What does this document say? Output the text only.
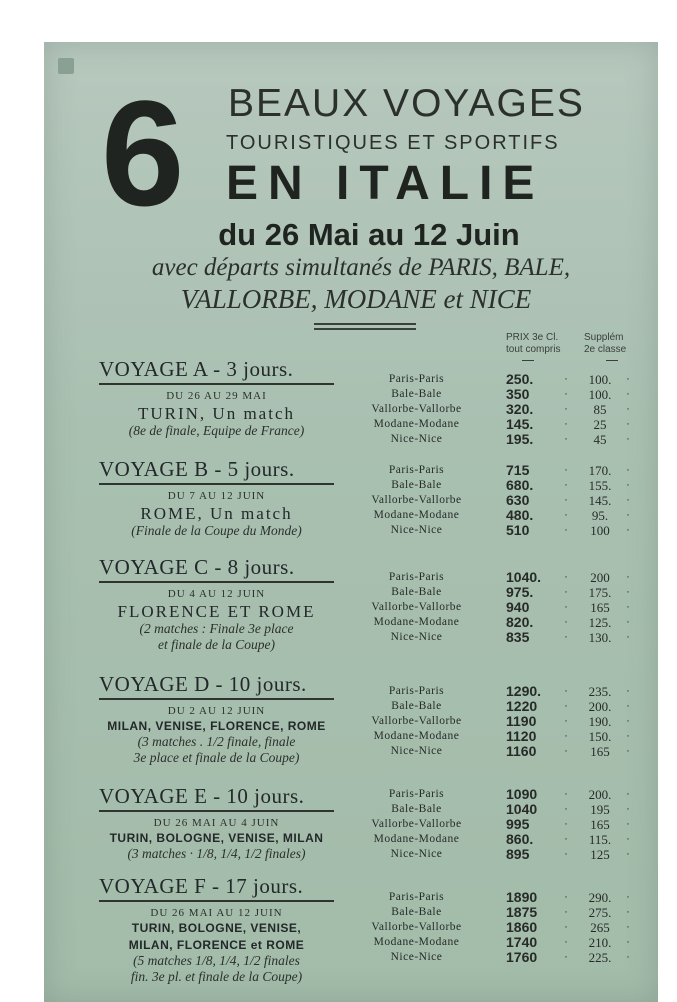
6 BEAUX VOYAGES
TOURISTIQUES ET SPORTIFS
EN ITALIE
du 26 Mai au 12 Juin
avec départs simultanés de PARIS, BALE,
VALLORBE, MODANE et NICE
PRIX 3e Cl.
tout compris
Supplém
2e classe
VOYAGE A - 3 jours.
DU 26 AU 29 MAI
TURIN, Un match
(8e de finale, Equipe de France)
Paris-Paris
Bale-Bale
Vallorbe-Vallorbe
Modane-Modane
Nice-Nice
250.
350
320.
145.
195.
100.
100.
85
25
45
·
·
·
·
·
·
·
·
·
·
VOYAGE B - 5 jours.
DU 7 AU 12 JUIN
ROME, Un match
(Finale de la Coupe du Monde)
Paris-Paris
Bale-Bale
Vallorbe-Vallorbe
Modane-Modane
Nice-Nice
715
680.
630
480.
510
170.
155.
145.
95.
100
·
·
·
·
·
·
·
·
·
·
VOYAGE C - 8 jours.
DU 4 AU 12 JUIN
FLORENCE ET ROME
(2 matches : Finale 3e place
et finale de la Coupe)
Paris-Paris
Bale-Bale
Vallorbe-Vallorbe
Modane-Modane
Nice-Nice
1040.
975.
940
820.
835
200
175.
165
125.
130.
·
·
·
·
·
·
·
·
·
·
VOYAGE D - 10 jours.
DU 2 AU 12 JUIN
MILAN, VENISE, FLORENCE, ROME
(3 matches . 1/2 finale, finale
3e place et finale de la Coupe)
Paris-Paris
Bale-Bale
Vallorbe-Vallorbe
Modane-Modane
Nice-Nice
1290.
1220
1190
1120
1160
235.
200.
190.
150.
165
·
·
·
·
·
·
·
·
·
·
VOYAGE E - 10 jours.
DU 26 MAI AU 4 JUIN
TURIN, BOLOGNE, VENISE, MILAN
(3 matches · 1/8, 1/4, 1/2 finales)
Paris-Paris
Bale-Bale
Vallorbe-Vallorbe
Modane-Modane
Nice-Nice
1090
1040
995
860.
895
200.
195
165
115.
125
·
·
·
·
·
·
·
·
·
·
VOYAGE F - 17 jours.
DU 26 MAI AU 12 JUIN
TURIN, BOLOGNE, VENISE,
MILAN, FLORENCE et ROME
(5 matches 1/8, 1/4, 1/2 finales
fin. 3e pl. et finale de la Coupe)
Paris-Paris
Bale-Bale
Vallorbe-Vallorbe
Modane-Modane
Nice-Nice
1890
1875
1860
1740
1760
290.
275.
265
210.
225.
·
·
·
·
·
·
·
·
·
·
